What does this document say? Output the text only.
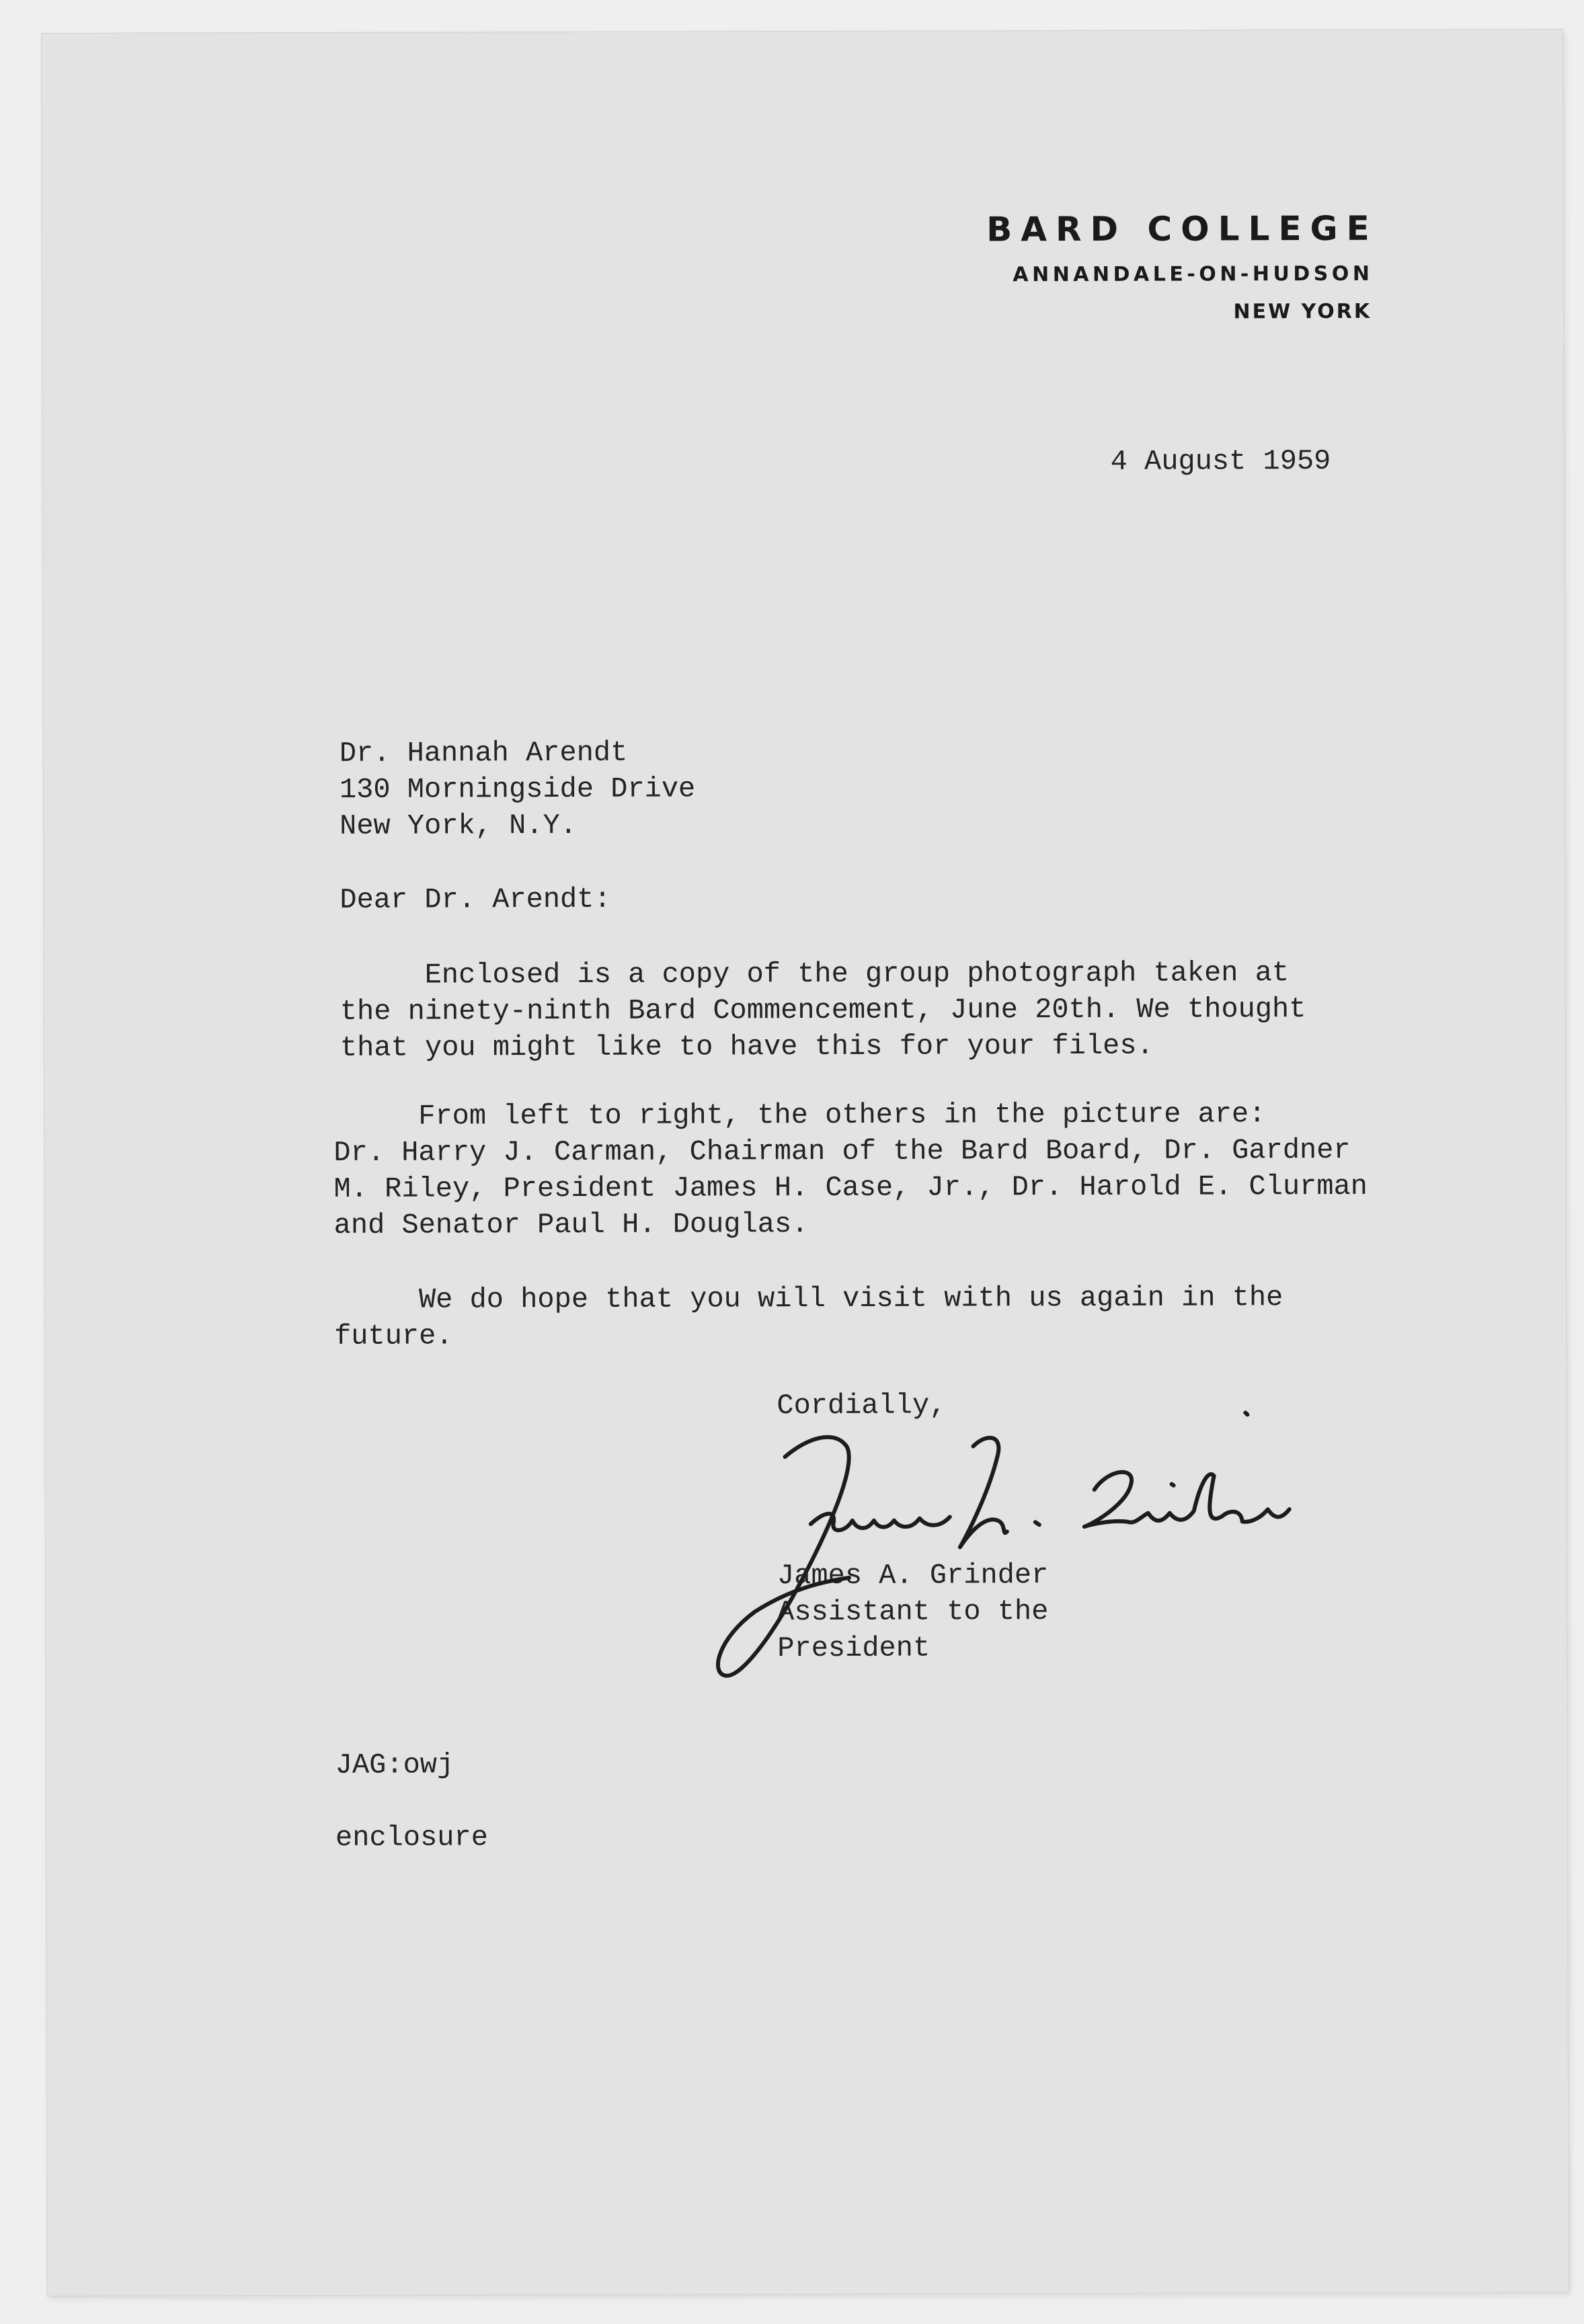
BARD COLLEGE
ANNANDALE-ON-HUDSON
NEW YORK
4 August 1959
Dr. Hannah Arendt
130 Morningside Drive
New York, N.Y.
Dear Dr. Arendt:
Enclosed is a copy of the group photograph taken at
the ninety-ninth Bard Commencement, June 20th. We thought
that you might like to have this for your files.
From left to right, the others in the picture are:
Dr. Harry J. Carman, Chairman of the Bard Board, Dr. Gardner
M. Riley, President James H. Case, Jr., Dr. Harold E. Clurman
and Senator Paul H. Douglas.
We do hope that you will visit with us again in the
future.
Cordially,
James A. Grinder
Assistant to the
President
JAG:owj
enclosure
